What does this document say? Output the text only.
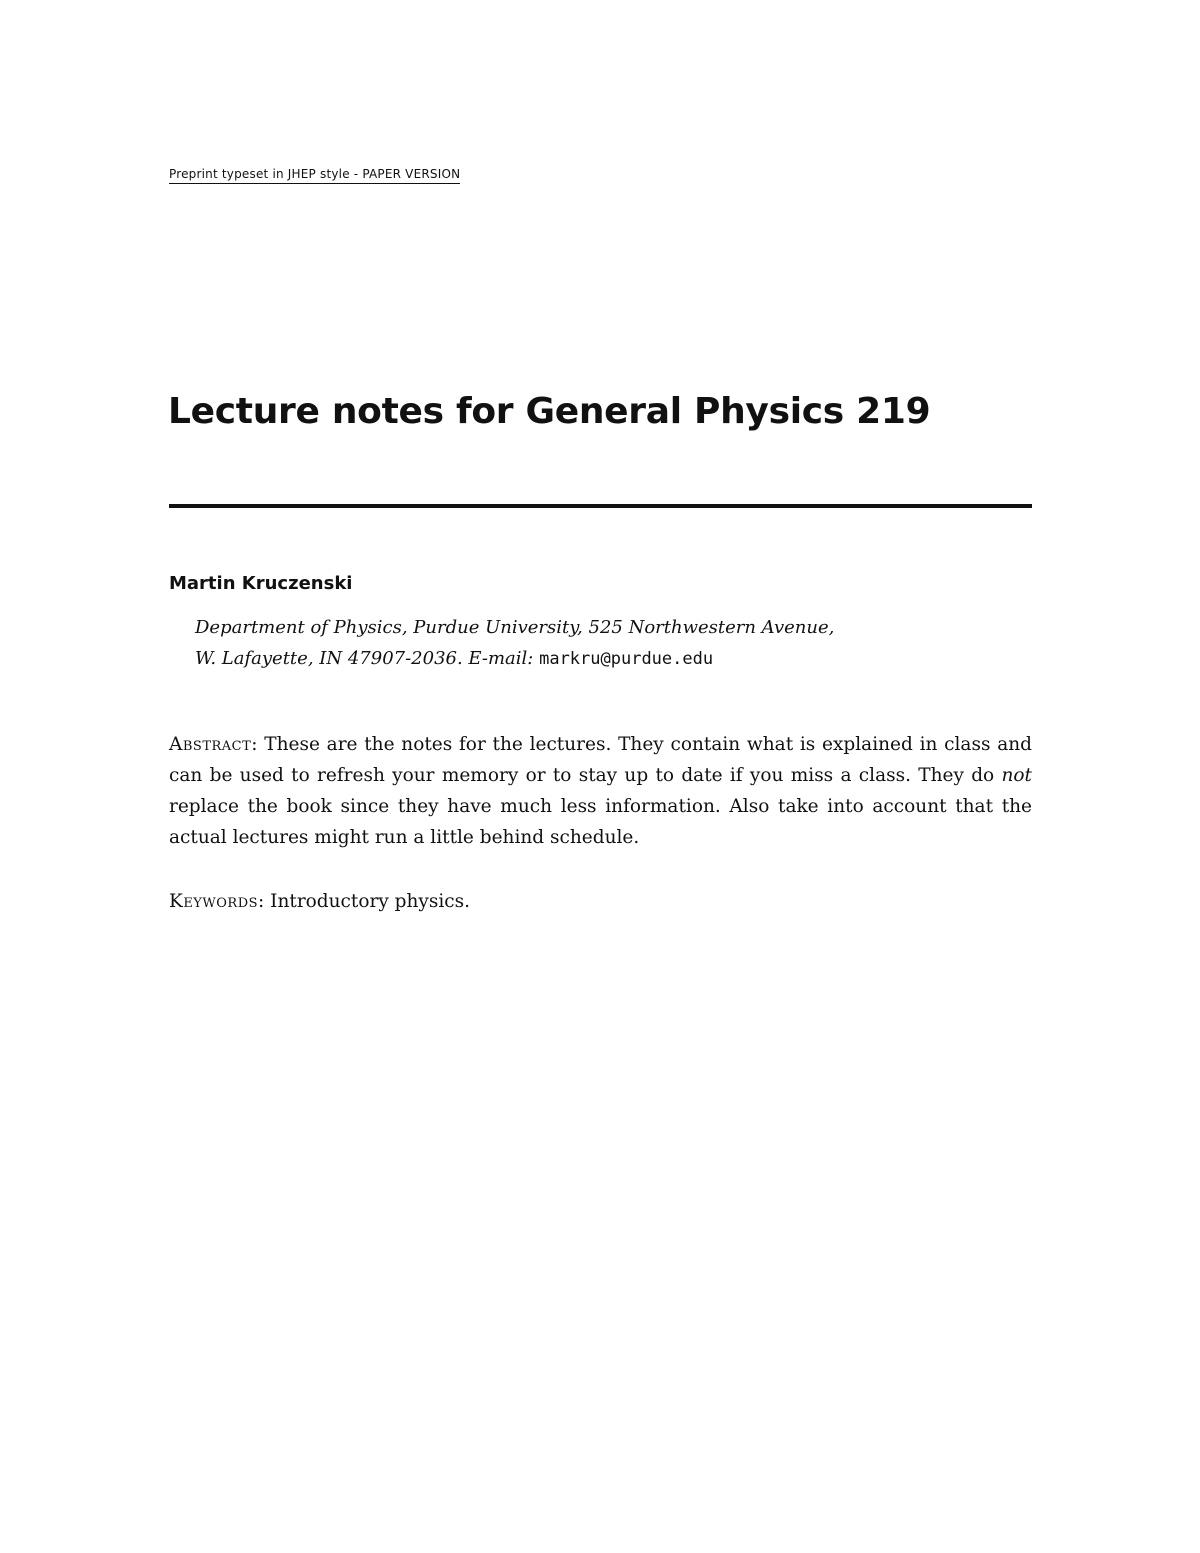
Preprint typeset in JHEP style - PAPER VERSION
Lecture notes for General Physics 219
Martin Kruczenski
Department of Physics, Purdue University, 525 Northwestern Avenue,
W. Lafayette, IN 47907-2036. E-mail: markru@purdue.edu

Abstract: These are the notes for the lectures. They contain what is explained in class and can be used to refresh your memory or to stay up to date if you miss a class. They do not replace the book since they have much less information. Also take into account that the actual lectures might run a little behind schedule.

Keywords: Introductory physics.
